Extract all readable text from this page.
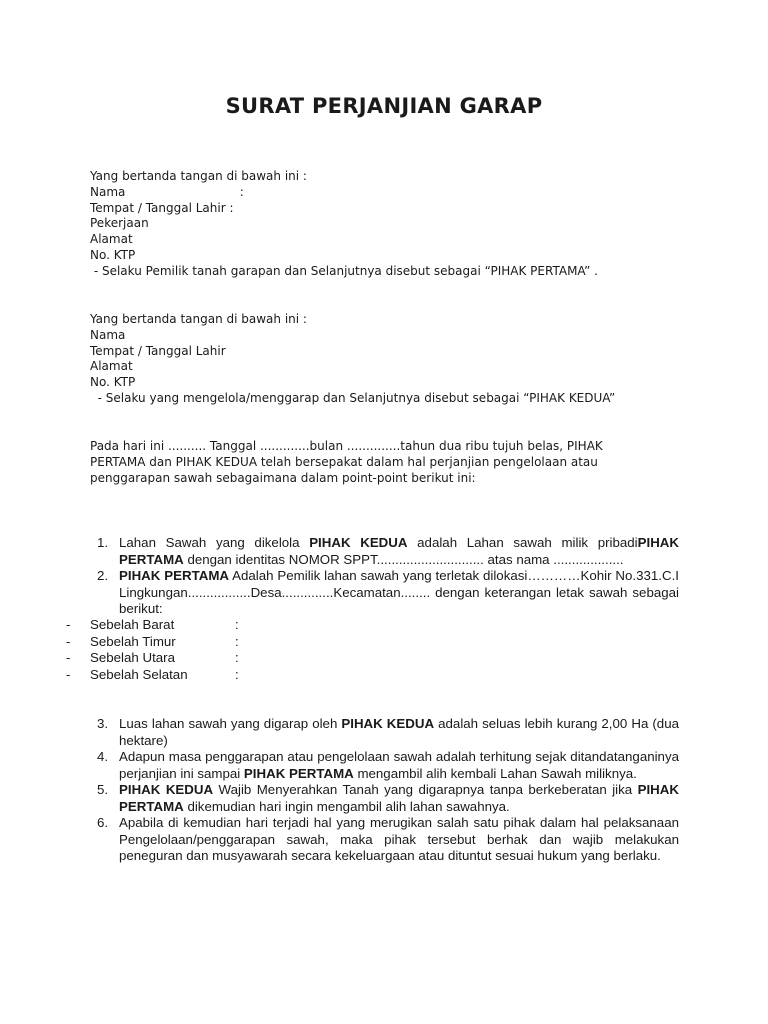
SURAT PERJANJIAN GARAP
Yang bertanda tangan di bawah ini :
Nama                              :
Tempat / Tanggal Lahir :
Pekerjaan
Alamat
No. KTP
- Selaku Pemilik tanah garapan dan Selanjutnya disebut sebagai “PIHAK PERTAMA” .
Yang bertanda tangan di bawah ini :
Nama
Tempat / Tanggal Lahir
Alamat
No. KTP
- Selaku yang mengelola/menggarap dan Selanjutnya disebut sebagai “PIHAK KEDUA”
Pada hari ini .......... Tanggal .............bulan ..............tahun dua ribu tujuh belas, PIHAK PERTAMA dan PIHAK KEDUA telah bersepakat dalam hal perjanjian pengelolaan atau penggarapan sawah sebagaimana dalam point-point berikut ini:
1. Lahan Sawah yang dikelola PIHAK KEDUA adalah Lahan sawah milik pribadiPIHAK PERTAMA dengan identitas NOMOR SPPT............................. atas nama ...................
2. PIHAK PERTAMA Adalah Pemilik lahan sawah yang terletak dilokasi…………Kohir No.331.C.I Lingkungan.................Desa..............Kecamatan........ dengan keterangan letak sawah sebagai berikut:
-	Sebelah Barat	:
-	Sebelah Timur	:
-	Sebelah Utara	:
-	Sebelah Selatan	:
3. Luas lahan sawah yang digarap oleh PIHAK KEDUA adalah seluas lebih kurang 2,00 Ha (dua hektare)
4. Adapun masa penggarapan atau pengelolaan sawah adalah terhitung sejak ditandatanganinya perjanjian ini sampai PIHAK PERTAMA mengambil alih kembali Lahan Sawah miliknya.
5. PIHAK KEDUA Wajib Menyerahkan Tanah yang digarapnya tanpa berkeberatan jika PIHAK PERTAMA dikemudian hari ingin mengambil alih lahan sawahnya.
6. Apabila di kemudian hari terjadi hal yang merugikan salah satu pihak dalam hal pelaksanaan Pengelolaan/penggarapan sawah, maka pihak tersebut berhak dan wajib melakukan peneguran dan musyawarah secara kekeluargaan atau dituntut sesuai hukum yang berlaku.
